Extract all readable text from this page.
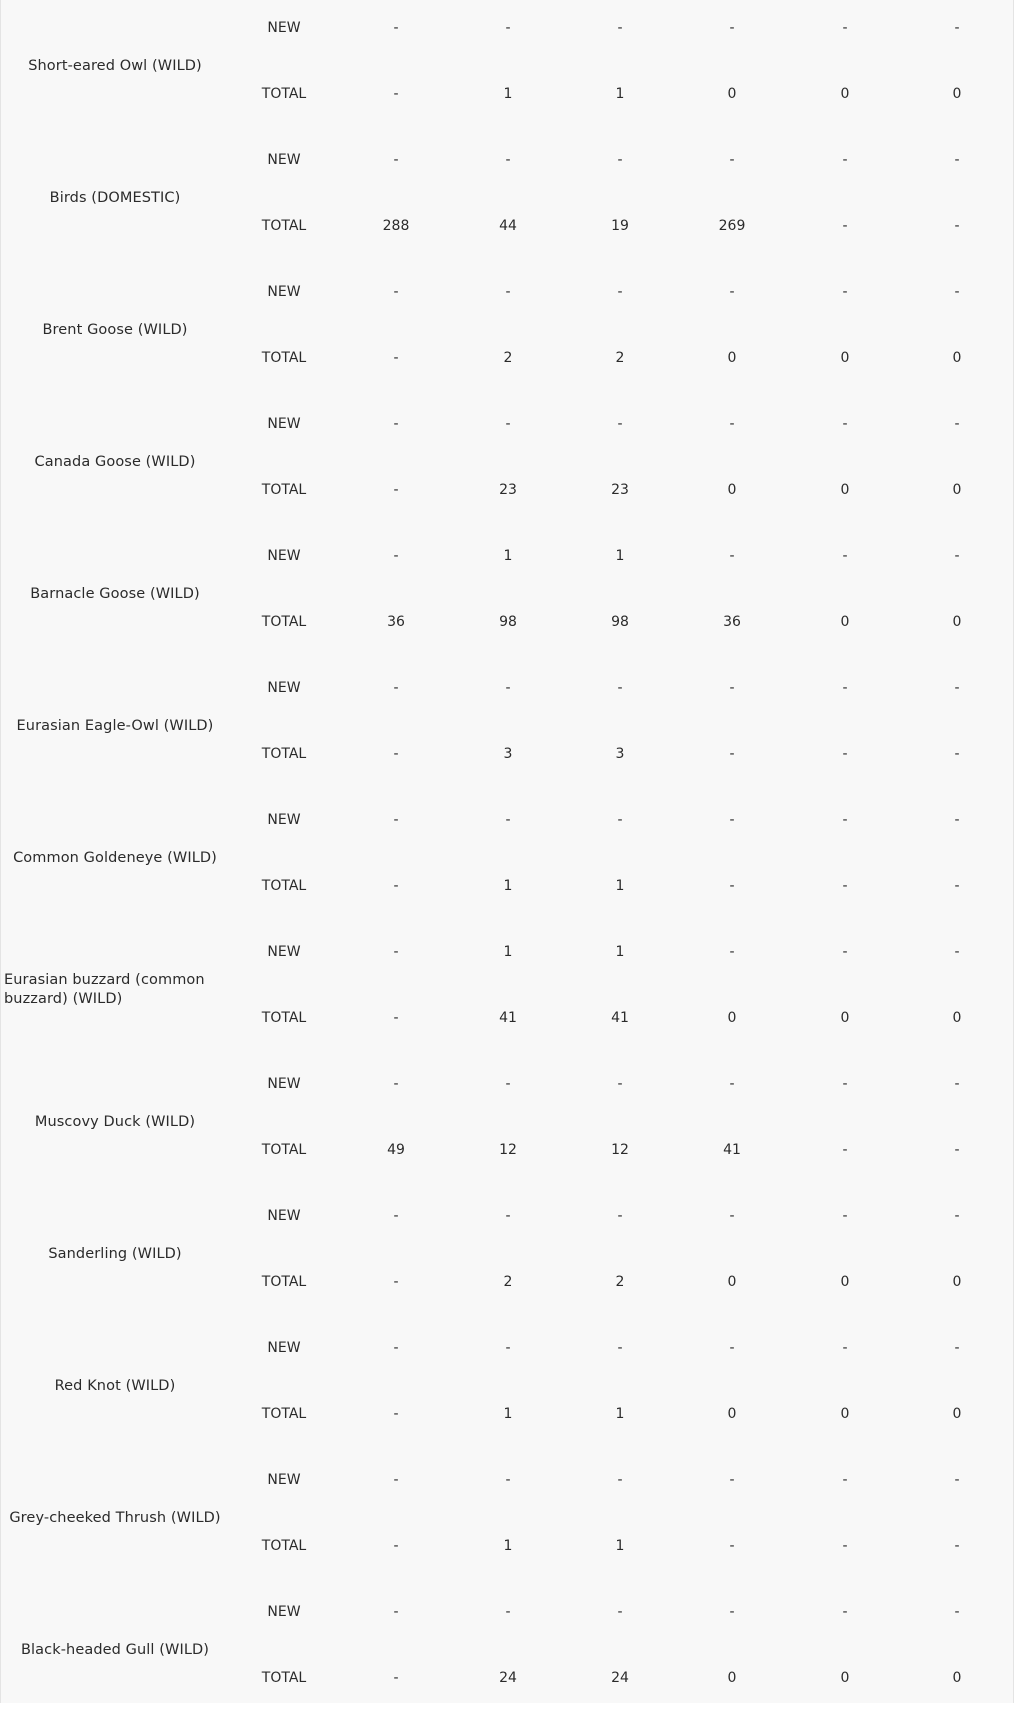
Short-eared Owl (WILD)
NEW	-	-	-	-	-	-
TOTAL	-	1	1	0	0	0
Birds (DOMESTIC)
NEW	-	-	-	-	-	-
TOTAL	288	44	19	269	-	-
Brent Goose (WILD)
NEW	-	-	-	-	-	-
TOTAL	-	2	2	0	0	0
Canada Goose (WILD)
NEW	-	-	-	-	-	-
TOTAL	-	23	23	0	0	0
Barnacle Goose (WILD)
NEW	-	1	1	-	-	-
TOTAL	36	98	98	36	0	0
Eurasian Eagle-Owl (WILD)
NEW	-	-	-	-	-	-
TOTAL	-	3	3	-	-	-
Common Goldeneye (WILD)
NEW	-	-	-	-	-	-
TOTAL	-	1	1	-	-	-
Eurasian buzzard (common buzzard) (WILD)
NEW	-	1	1	-	-	-
TOTAL	-	41	41	0	0	0
Muscovy Duck (WILD)
NEW	-	-	-	-	-	-
TOTAL	49	12	12	41	-	-
Sanderling (WILD)
NEW	-	-	-	-	-	-
TOTAL	-	2	2	0	0	0
Red Knot (WILD)
NEW	-	-	-	-	-	-
TOTAL	-	1	1	0	0	0
Grey-cheeked Thrush (WILD)
NEW	-	-	-	-	-	-
TOTAL	-	1	1	-	-	-
Black-headed Gull (WILD)
NEW	-	-	-	-	-	-
TOTAL	-	24	24	0	0	0
